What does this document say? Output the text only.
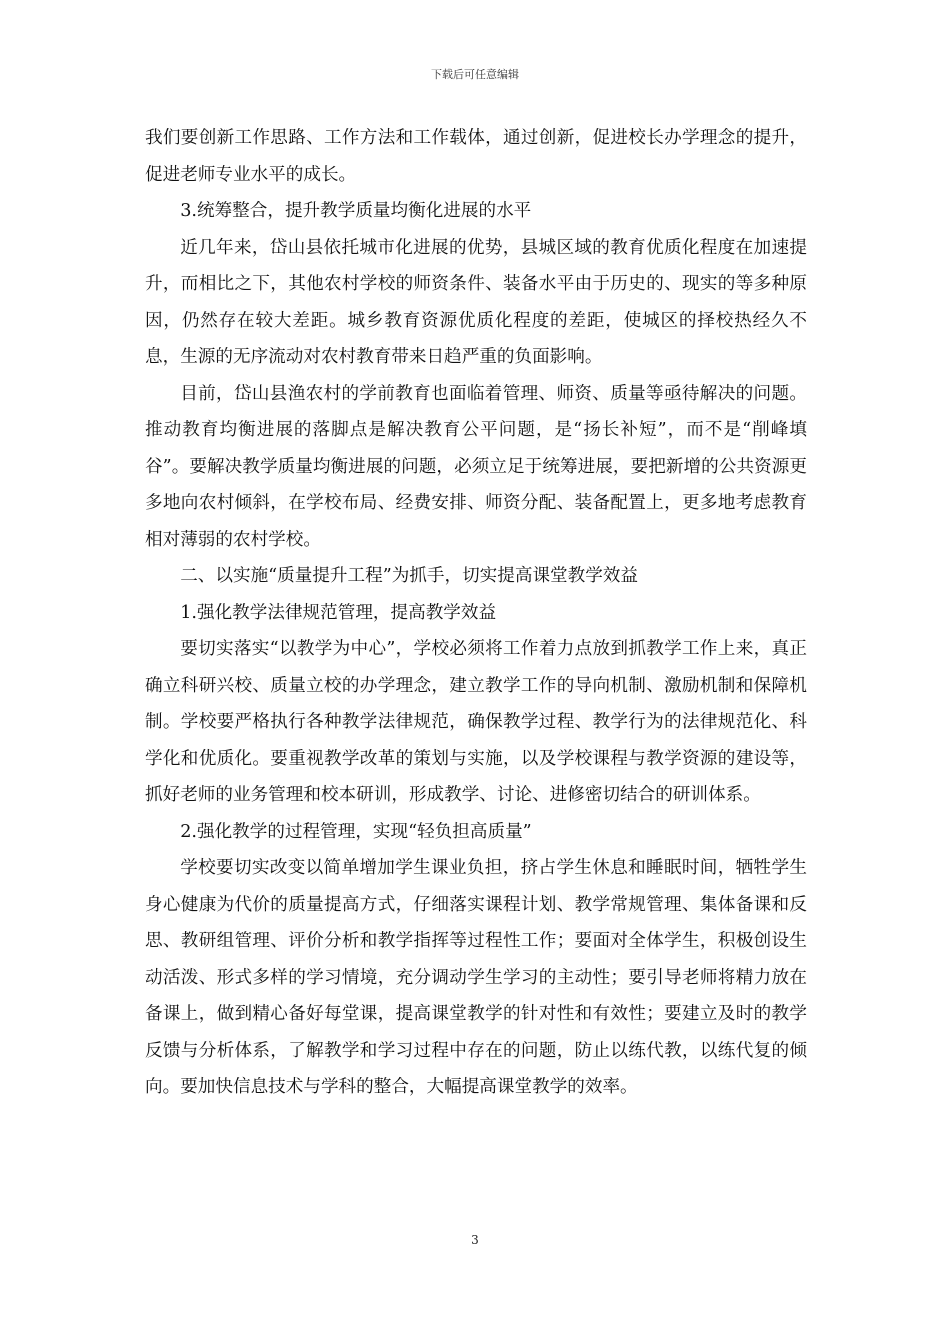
下载后可任意编辑

我们要创新工作思路、工作方法和工作载体，通过创新，促进校长办学理念的提升，促进老师专业水平的成长。

3.统筹整合，提升教学质量均衡化进展的水平

近几年来，岱山县依托城市化进展的优势，县城区域的教育优质化程度在加速提升，而相比之下，其他农村学校的师资条件、装备水平由于历史的、现实的等多种原因，仍然存在较大差距。城乡教育资源优质化程度的差距，使城区的择校热经久不息，生源的无序流动对农村教育带来日趋严重的负面影响。

目前，岱山县渔农村的学前教育也面临着管理、师资、质量等亟待解决的问题。推动教育均衡进展的落脚点是解决教育公平问题，是“扬长补短”，而不是“削峰填谷”。要解决教学质量均衡进展的问题，必须立足于统筹进展，要把新增的公共资源更多地向农村倾斜，在学校布局、经费安排、师资分配、装备配置上，更多地考虑教育相对薄弱的农村学校。

二、以实施“质量提升工程”为抓手，切实提高课堂教学效益

1.强化教学法律规范管理，提高教学效益

要切实落实“以教学为中心”，学校必须将工作着力点放到抓教学工作上来，真正确立科研兴校、质量立校的办学理念，建立教学工作的导向机制、激励机制和保障机制。学校要严格执行各种教学法律规范，确保教学过程、教学行为的法律规范化、科学化和优质化。要重视教学改革的策划与实施，以及学校课程与教学资源的建设等，抓好老师的业务管理和校本研训，形成教学、讨论、进修密切结合的研训体系。

2.强化教学的过程管理，实现“轻负担高质量”

学校要切实改变以简单增加学生课业负担，挤占学生休息和睡眠时间，牺牲学生身心健康为代价的质量提高方式，仔细落实课程计划、教学常规管理、集体备课和反思、教研组管理、评价分析和教学指挥等过程性工作；要面对全体学生，积极创设生动活泼、形式多样的学习情境，充分调动学生学习的主动性；要引导老师将精力放在备课上，做到精心备好每堂课，提高课堂教学的针对性和有效性；要建立及时的教学反馈与分析体系，了解教学和学习过程中存在的问题，防止以练代教，以练代复的倾向。要加快信息技术与学科的整合，大幅提高课堂教学的效率。

3
